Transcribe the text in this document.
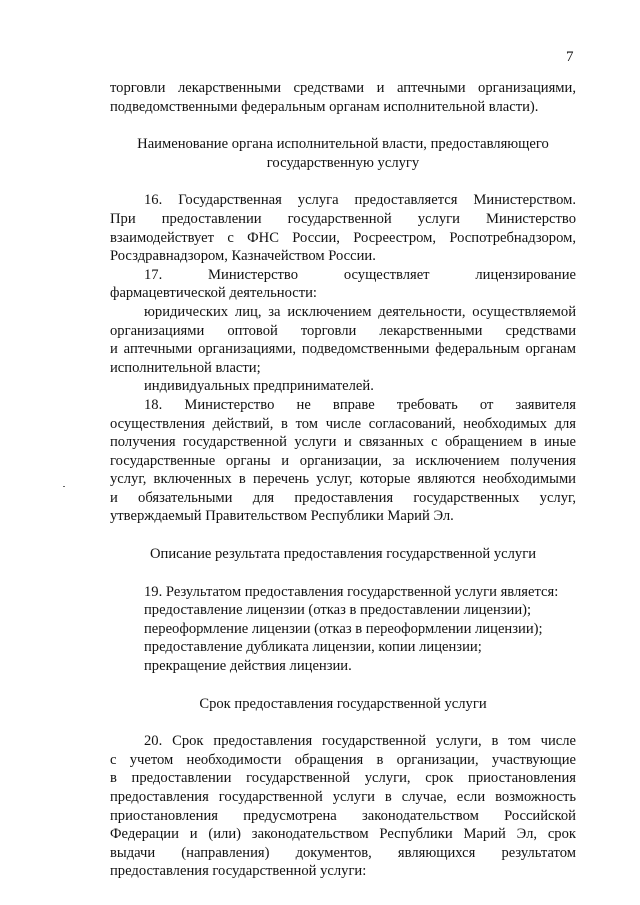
7

торговли лекарственными средствами и аптечными организациями,

подведомственными федеральным органам исполнительной власти).

Наименование органа исполнительной власти, предоставляющего

государственную услугу

16. Государственная услуга предоставляется Министерством.

При предоставлении государственной услуги Министерство

взаимодействует с ФНС России, Росреестром, Роспотребнадзором,

Росздравнадзором, Казначейством России.

17. Министерство осуществляет лицензирование

фармацевтической деятельности:

юридических лиц, за исключением деятельности, осуществляемой

организациями оптовой торговли лекарственными средствами

и аптечными организациями, подведомственными федеральным органам

исполнительной власти;

индивидуальных предпринимателей.

18. Министерство не вправе требовать от заявителя

осуществления действий, в том числе согласований, необходимых для

получения государственной услуги и связанных с обращением в иные

государственные органы и организации, за исключением получения

услуг, включенных в перечень услуг, которые являются необходимыми

и обязательными для предоставления государственных услуг,

утверждаемый Правительством Республики Марий Эл.

Описание результата предоставления государственной услуги

19. Результатом предоставления государственной услуги является:

предоставление лицензии (отказ в предоставлении лицензии);

переоформление лицензии (отказ в переоформлении лицензии);

предоставление дубликата лицензии, копии лицензии;

прекращение действия лицензии.

Срок предоставления государственной услуги

20. Срок предоставления государственной услуги, в том числе

с учетом необходимости обращения в организации, участвующие

в предоставлении государственной услуги, срок приостановления

предоставления государственной услуги в случае, если возможность

приостановления предусмотрена законодательством Российской

Федерации и (или) законодательством Республики Марий Эл, срок

выдачи (направления) документов, являющихся результатом

предоставления государственной услуги:
